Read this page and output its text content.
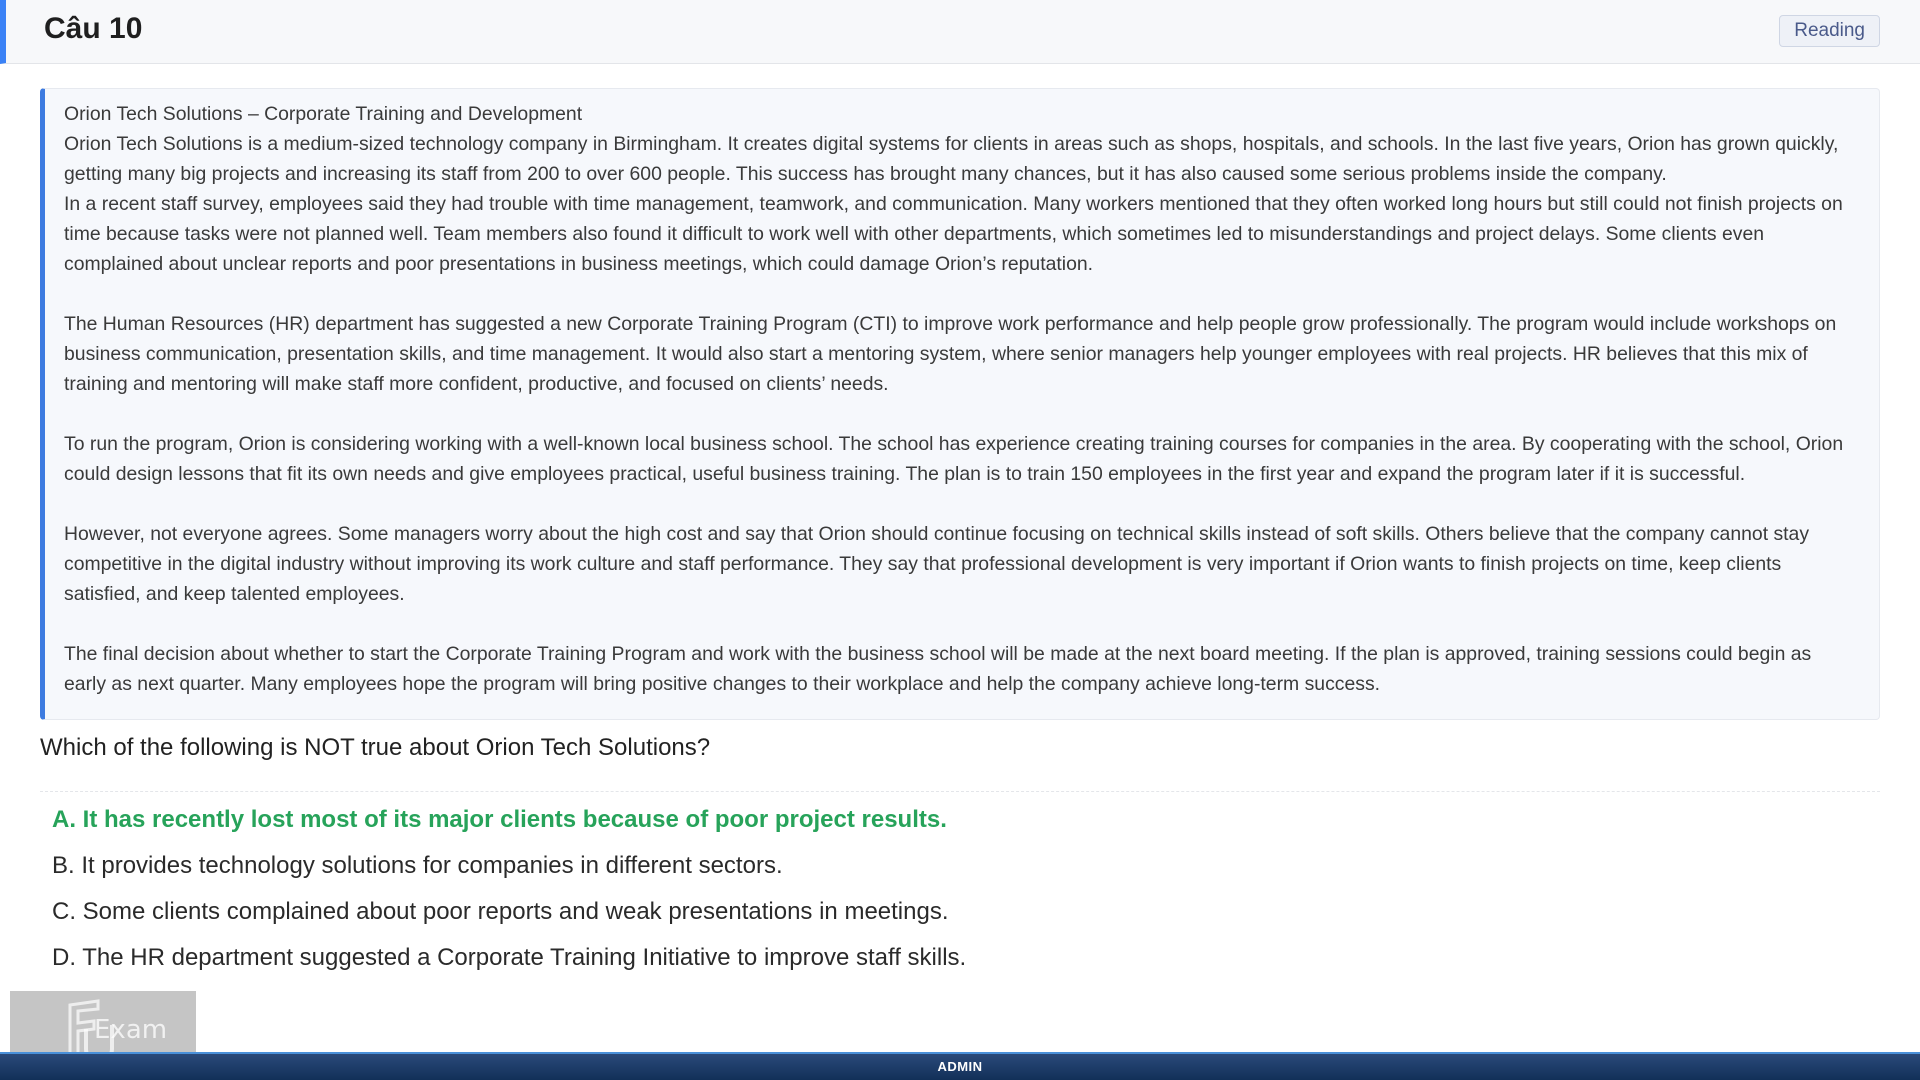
Câu 10	Reading

Orion Tech Solutions – Corporate Training and Development

Orion Tech Solutions is a medium-sized technology company in Birmingham. It creates digital systems for clients in areas such as shops, hospitals, and schools. In the last five years, Orion has grown quickly, getting many big projects and increasing its staff from 200 to over 600 people. This success has brought many chances, but it has also caused some serious problems inside the company.

In a recent staff survey, employees said they had trouble with time management, teamwork, and communication. Many workers mentioned that they often worked long hours but still could not finish projects on time because tasks were not planned well. Team members also found it difficult to work well with other departments, which sometimes led to misunderstandings and project delays. Some clients even complained about unclear reports and poor presentations in business meetings, which could damage Orion’s reputation.

The Human Resources (HR) department has suggested a new Corporate Training Program (CTI) to improve work performance and help people grow professionally. The program would include workshops on business communication, presentation skills, and time management. It would also start a mentoring system, where senior managers help younger employees with real projects. HR believes that this mix of training and mentoring will make staff more confident, productive, and focused on clients’ needs.

To run the program, Orion is considering working with a well-known local business school. The school has experience creating training courses for companies in the area. By cooperating with the school, Orion could design lessons that fit its own needs and give employees practical, useful business training. The plan is to train 150 employees in the first year and expand the program later if it is successful.

However, not everyone agrees. Some managers worry about the high cost and say that Orion should continue focusing on technical skills instead of soft skills. Others believe that the company cannot stay competitive in the digital industry without improving its work culture and staff performance. They say that professional development is very important if Orion wants to finish projects on time, keep clients satisfied, and keep talented employees.

The final decision about whether to start the Corporate Training Program and work with the business school will be made at the next board meeting. If the plan is approved, training sessions could begin as early as next quarter. Many employees hope the program will bring positive changes to their workplace and help the company achieve long-term success.

Which of the following is NOT true about Orion Tech Solutions?
A. It has recently lost most of its major clients because of poor project results.
B. It provides technology solutions for companies in different sectors.
C. Some clients complained about poor reports and weak presentations in meetings.
D. The HR department suggested a Corporate Training Initiative to improve staff skills.
Exam
ADMIN
